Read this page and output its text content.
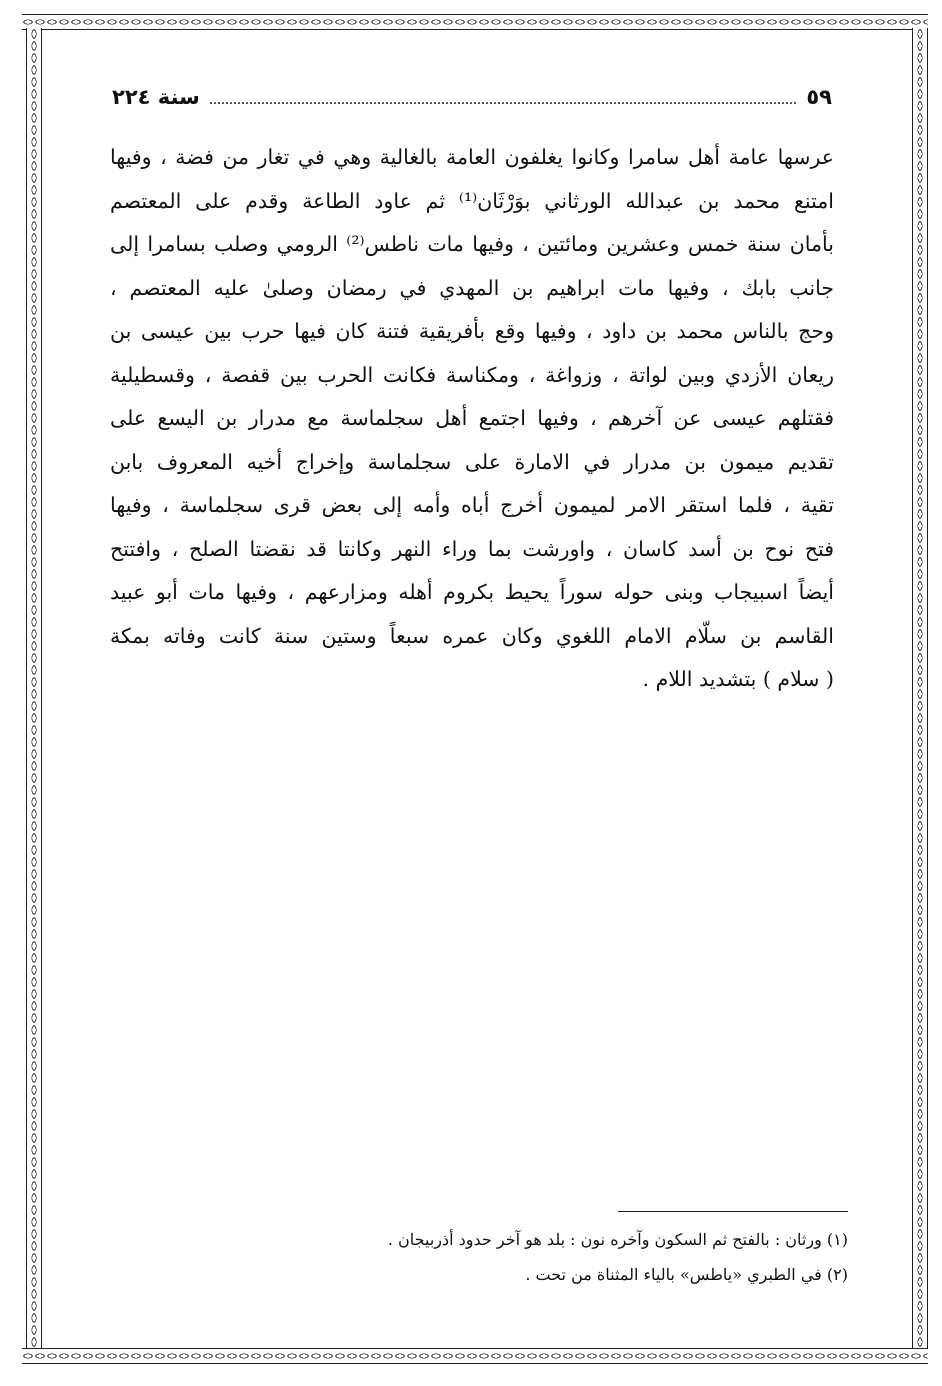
سنة ٢٢٤	٥٩
عرسها عامة أهل سامرا وكانوا يغلفون العامة بالغالية وهي في تغار من فضة ، وفيها
امتنع محمد بن عبدالله الورثاني بوَرْثَان⁽¹⁾ ثم عاود الطاعة وقدم على المعتصم
بأمان سنة خمس وعشرين ومائتين ، وفيها مات ناطس⁽²⁾ الرومي وصلب بسامرا إلى
جانب بابك ، وفيها مات ابراهيم بن المهدي في رمضان وصلىٰ عليه المعتصم ،
وحج بالناس محمد بن داود ، وفيها وقع بأفريقية فتنة كان فيها حرب بين عيسى بن
ريعان الأزدي وبين لواتة ، وزواغة ، ومكناسة فكانت الحرب بين قفصة ، وقسطيلية
فقتلهم عيسى عن آخرهم ، وفيها اجتمع أهل سجلماسة مع مدرار بن اليسع على
تقديم ميمون بن مدرار في الامارة على سجلماسة وإخراج أخيه المعروف بابن
تقية ، فلما استقر الامر لميمون أخرج أباه وأمه إلى بعض قرى سجلماسة ، وفيها
فتح نوح بن أسد كاسان ، واورشت بما وراء النهر وكانتا قد نقضتا الصلح ، وافتتح
أيضاً اسبيجاب وبنى حوله سوراً يحيط بكروم أهله ومزارعهم ، وفيها مات أبو عبيد
القاسم بن سلّام الامام اللغوي وكان عمره سبعاً وستين سنة كانت وفاته بمكة
( سلام ) بتشديد اللام .
(١) ورثان : بالفتح ثم السكون وآخره نون : بلد هو آخر حدود أذربيجان .
(٢) في الطبري «ياطس» بالياء المثناة من تحت .
